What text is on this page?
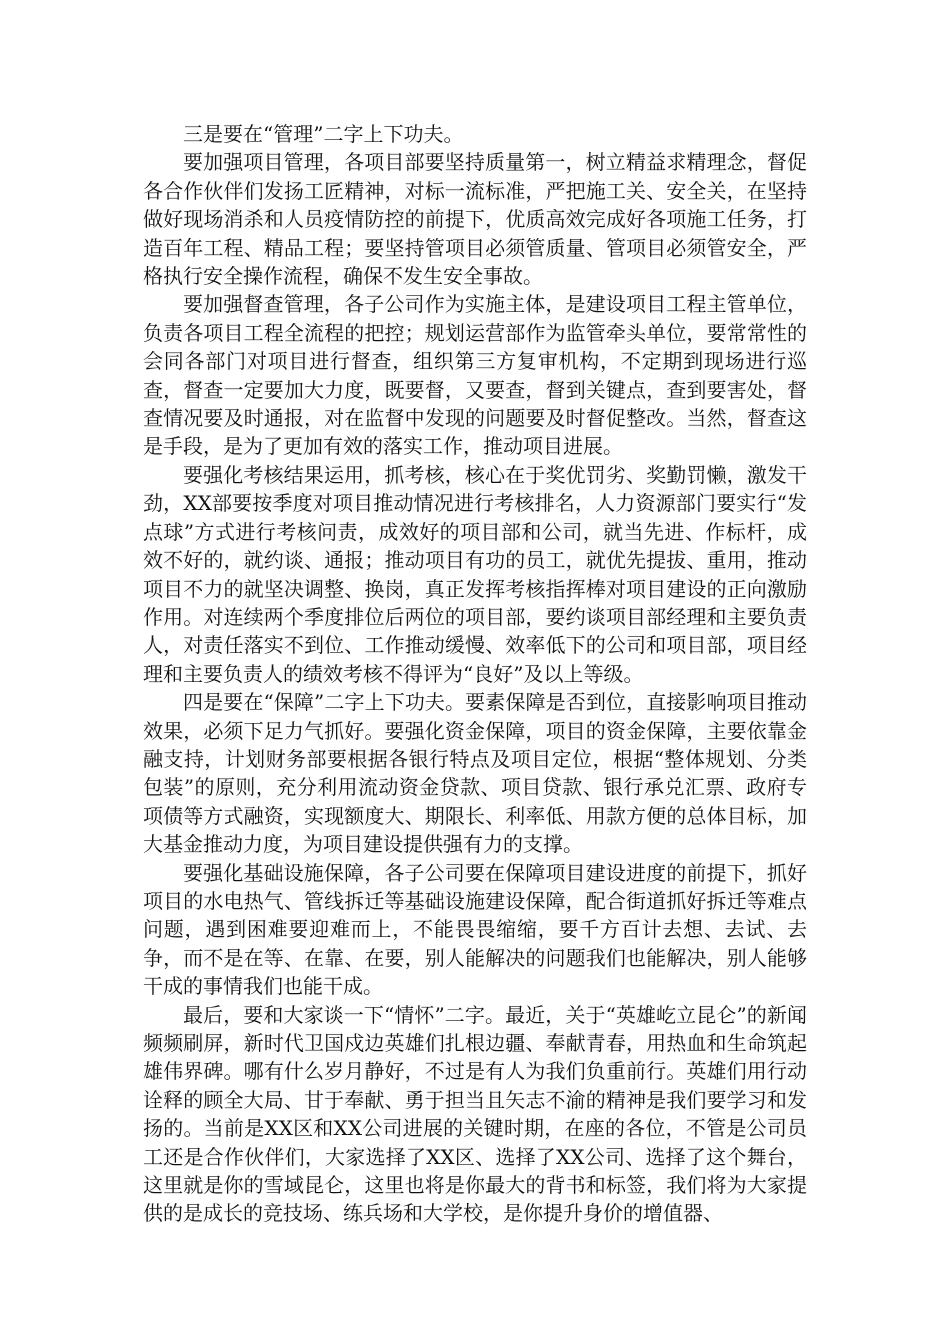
三是要在“管理”二字上下功夫。

要加强项目管理，各项目部要坚持质量第一，树立精益求精理念，督促各合作伙伴们发扬工匠精神，对标一流标准，严把施工关、安全关，在坚持做好现场消杀和人员疫情防控的前提下，优质高效完成好各项施工任务，打造百年工程、精品工程；要坚持管项目必须管质量、管项目必须管安全，严格执行安全操作流程，确保不发生安全事故。

要加强督查管理，各子公司作为实施主体，是建设项目工程主管单位，负责各项目工程全流程的把控；规划运营部作为监管牵头单位，要常常性的会同各部门对项目进行督查，组织第三方复审机构，不定期到现场进行巡查，督查一定要加大力度，既要督，又要查，督到关键点，查到要害处，督查情况要及时通报，对在监督中发现的问题要及时督促整改。当然，督查这是手段，是为了更加有效的落实工作，推动项目进展。

要强化考核结果运用，抓考核，核心在于奖优罚劣、奖勤罚懒，激发干劲，XX部要按季度对项目推动情况进行考核排名，人力资源部门要实行“发点球”方式进行考核问责，成效好的项目部和公司，就当先进、作标杆，成效不好的，就约谈、通报；推动项目有功的员工，就优先提拔、重用，推动项目不力的就坚决调整、换岗，真正发挥考核指挥棒对项目建设的正向激励作用。对连续两个季度排位后两位的项目部，要约谈项目部经理和主要负责人，对责任落实不到位、工作推动缓慢、效率低下的公司和项目部，项目经理和主要负责人的绩效考核不得评为“良好”及以上等级。

四是要在“保障”二字上下功夫。要素保障是否到位，直接影响项目推动效果，必须下足力气抓好。要强化资金保障，项目的资金保障，主要依靠金融支持，计划财务部要根据各银行特点及项目定位，根据“整体规划、分类包装”的原则，充分利用流动资金贷款、项目贷款、银行承兑汇票、政府专项债等方式融资，实现额度大、期限长、利率低、用款方便的总体目标，加大基金推动力度，为项目建设提供强有力的支撑。

要强化基础设施保障，各子公司要在保障项目建设进度的前提下，抓好项目的水电热气、管线拆迁等基础设施建设保障，配合街道抓好拆迁等难点问题，遇到困难要迎难而上，不能畏畏缩缩，要千方百计去想、去试、去争，而不是在等、在靠、在要，别人能解决的问题我们也能解决，别人能够干成的事情我们也能干成。

最后，要和大家谈一下“情怀”二字。最近，关于“英雄屹立昆仑”的新闻频频刷屏，新时代卫国戍边英雄们扎根边疆、奉献青春，用热血和生命筑起雄伟界碑。哪有什么岁月静好，不过是有人为我们负重前行。英雄们用行动诠释的顾全大局、甘于奉献、勇于担当且矢志不渝的精神是我们要学习和发扬的。当前是XX区和XX公司进展的关键时期，在座的各位，不管是公司员工还是合作伙伴们，大家选择了XX区、选择了XX公司、选择了这个舞台，这里就是你的雪域昆仑，这里也将是你最大的背书和标签，我们将为大家提供的是成长的竞技场、练兵场和大学校，是你提升身价的增值器、
